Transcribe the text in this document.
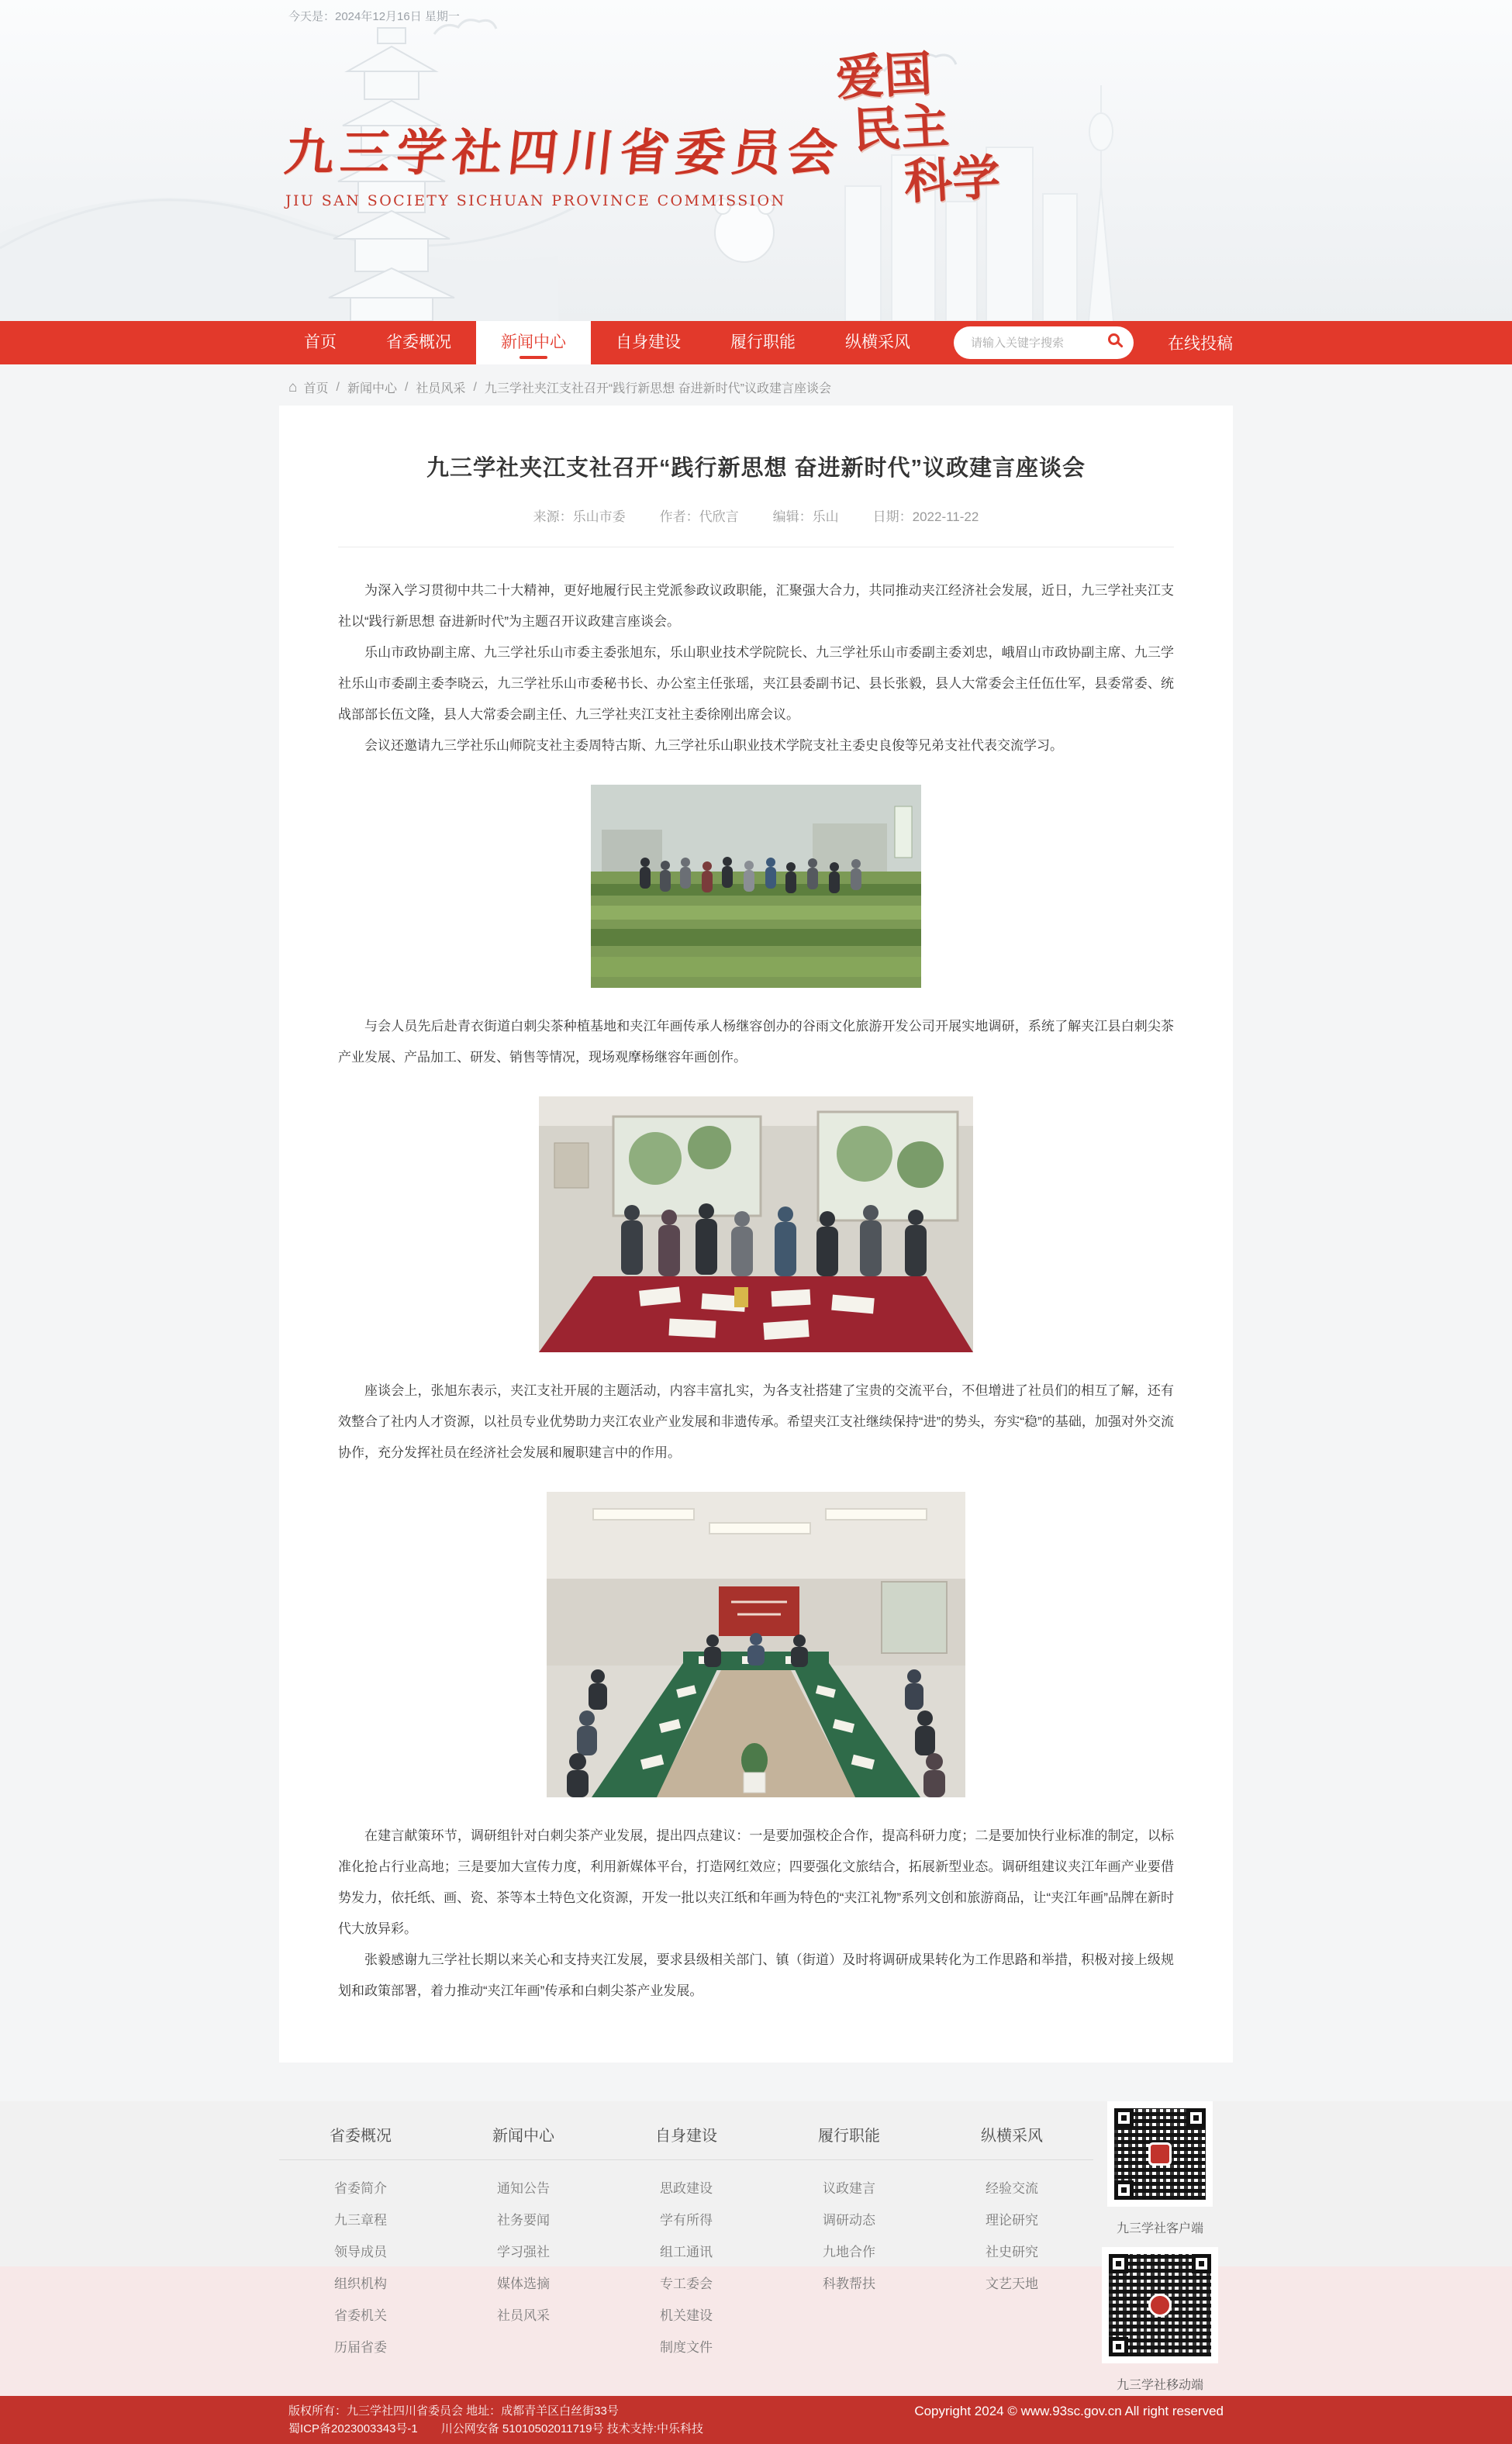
今天是：2024年12月16日 星期一
九三学社四川省委员会
JIU SAN SOCIETY SICHUAN PROVINCE COMMISSION
爱国
民主
科学
首页	省委概况	新闻中心	自身建设	履行职能	纵横采风
请输入关键字搜索	在线投稿
⌂ 首页 / 新闻中心 / 社员风采 / 九三学社夹江支社召开“践行新思想 奋进新时代”议政建言座谈会
九三学社夹江支社召开“践行新思想 奋进新时代”议政建言座谈会
来源：乐山市委	作者：代欣言	编辑：乐山	日期：2022-11-22

为深入学习贯彻中共二十大精神，更好地履行民主党派参政议政职能，汇聚强大合力，共同推动夹江经济社会发展，近日，九三学社夹江支社以“践行新思想 奋进新时代”为主题召开议政建言座谈会。

乐山市政协副主席、九三学社乐山市委主委张旭东，乐山职业技术学院院长、九三学社乐山市委副主委刘忠，峨眉山市政协副主席、九三学社乐山市委副主委李晓云，九三学社乐山市委秘书长、办公室主任张瑶，夹江县委副书记、县长张毅，县人大常委会主任伍仕军，县委常委、统战部部长伍文隆，县人大常委会副主任、九三学社夹江支社主委徐刚出席会议。

会议还邀请九三学社乐山师院支社主委周特古斯、九三学社乐山职业技术学院支社主委史良俊等兄弟支社代表交流学习。

与会人员先后赴青衣街道白刺尖茶种植基地和夹江年画传承人杨继容创办的谷雨文化旅游开发公司开展实地调研，系统了解夹江县白刺尖茶产业发展、产品加工、研发、销售等情况，现场观摩杨继容年画创作。

座谈会上，张旭东表示，夹江支社开展的主题活动，内容丰富扎实，为各支社搭建了宝贵的交流平台，不但增进了社员们的相互了解，还有效整合了社内人才资源，以社员专业优势助力夹江农业产业发展和非遗传承。希望夹江支社继续保持“进”的势头，夯实“稳”的基础，加强对外交流协作，充分发挥社员在经济社会发展和履职建言中的作用。

在建言献策环节，调研组针对白刺尖茶产业发展，提出四点建议：一是要加强校企合作，提高科研力度；二是要加快行业标准的制定，以标准化抢占行业高地；三是要加大宣传力度，利用新媒体平台，打造网红效应；四要强化文旅结合，拓展新型业态。调研组建议夹江年画产业要借势发力，依托纸、画、瓷、茶等本土特色文化资源，开发一批以夹江纸和年画为特色的“夹江礼物”系列文创和旅游商品，让“夹江年画”品牌在新时代大放异彩。

张毅感谢九三学社长期以来关心和支持夹江发展，要求县级相关部门、镇（街道）及时将调研成果转化为工作思路和举措，积极对接上级规划和政策部署，着力推动“夹江年画”传承和白刺尖茶产业发展。

省委概况	新闻中心	自身建设	履行职能	纵横采风
省委简介
九三章程
领导成员
组织机构
省委机关
历届省委
通知公告
社务要闻
学习强社
媒体选摘
社员风采
思政建设
学有所得
组工通讯
专工委会
机关建设
制度文件
议政建言
调研动态
九地合作
科教帮扶
经验交流
理论研究
社史研究
文艺天地
九三学社客户端
九三学社移动端
版权所有：九三学社四川省委员会 地址：成都青羊区白丝街33号
蜀ICP备2023003343号-1　　川公网安备 51010502011719号 技术支持:中乐科技
Copyright 2024 © www.93sc.gov.cn All right reserved
